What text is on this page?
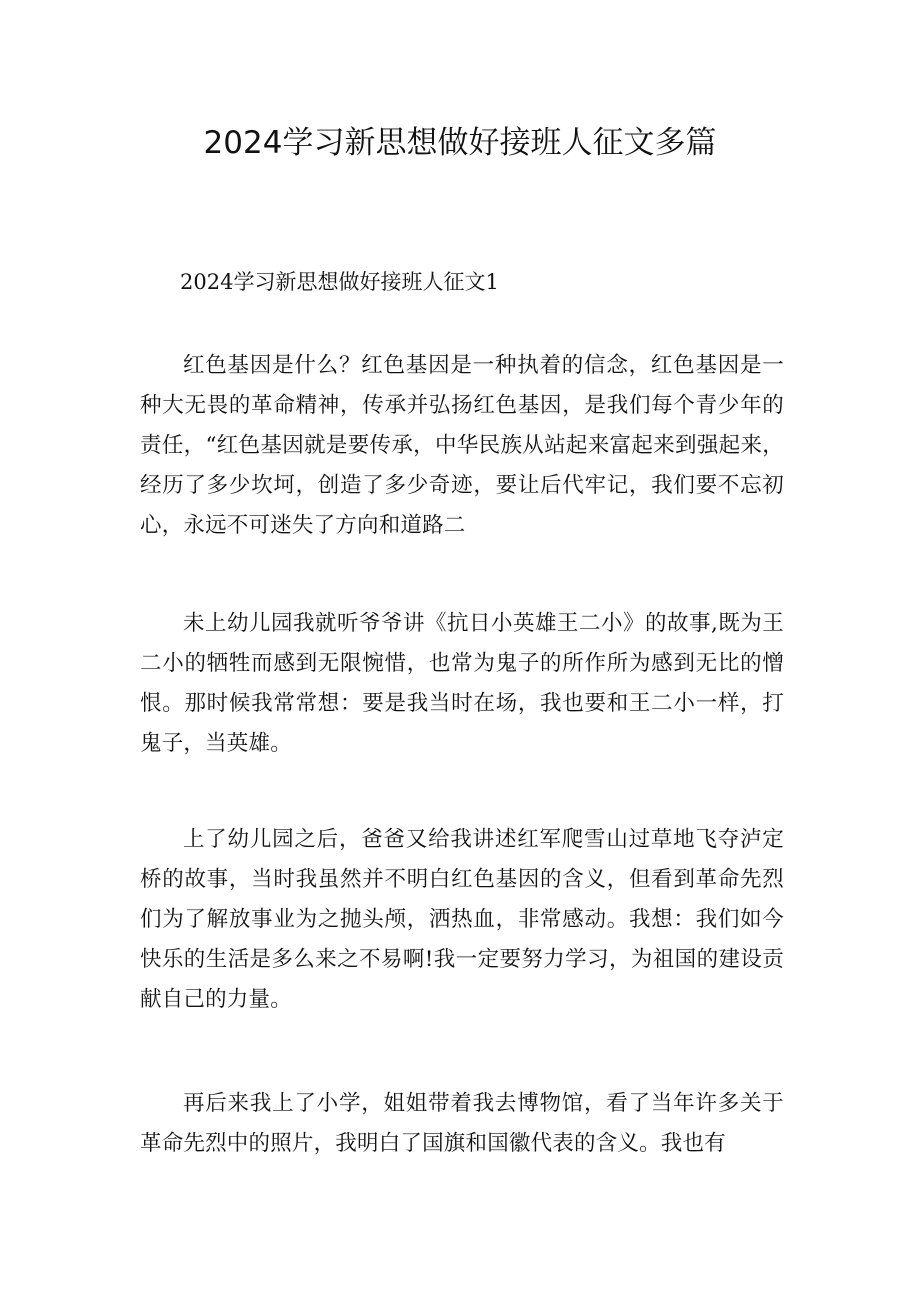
2024学习新思想做好接班人征文多篇

2024学习新思想做好接班人征文1

红色基因是什么？红色基因是一种执着的信念，红色基因是一种大无畏的革命精神，传承并弘扬红色基因，是我们每个青少年的责任，“红色基因就是要传承，中华民族从站起来富起来到强起来，经历了多少坎坷，创造了多少奇迹，要让后代牢记，我们要不忘初心，永远不可迷失了方向和道路二

未上幼儿园我就听爷爷讲《抗日小英雄王二小》的故事,既为王二小的牺牲而感到无限惋惜，也常为鬼子的所作所为感到无比的憎恨。那时候我常常想：要是我当时在场，我也要和王二小一样，打鬼子，当英雄。

上了幼儿园之后，爸爸又给我讲述红军爬雪山过草地飞夺泸定桥的故事，当时我虽然并不明白红色基因的含义，但看到革命先烈们为了解放事业为之抛头颅，洒热血，非常感动。我想：我们如今快乐的生活是多么来之不易啊!我一定要努力学习，为祖国的建设贡献自己的力量。

再后来我上了小学，姐姐带着我去博物馆，看了当年许多关于革命先烈中的照片，我明白了国旗和国徽代表的含义。我也有
